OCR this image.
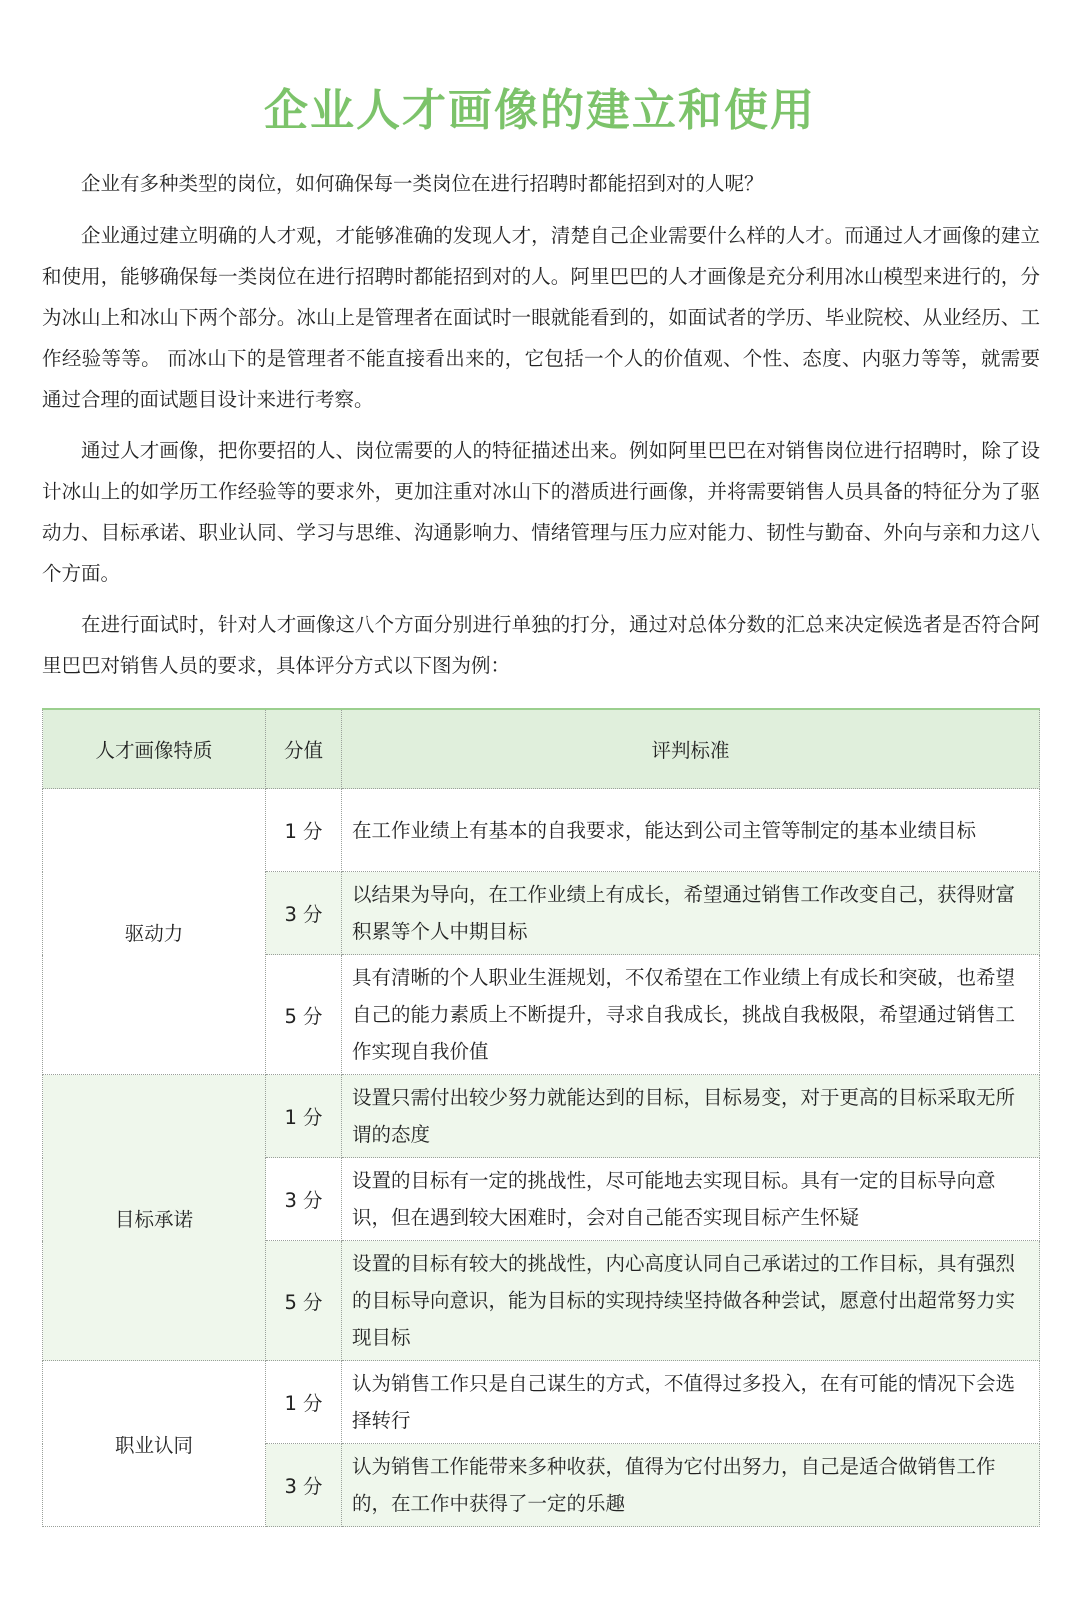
企业人才画像的建立和使用

企业有多种类型的岗位，如何确保每一类岗位在进行招聘时都能招到对的人呢？

企业通过建立明确的人才观，才能够准确的发现人才，清楚自己企业需要什么样的人才。而通过人才画像的建立和使用，能够确保每一类岗位在进行招聘时都能招到对的人。阿里巴巴的人才画像是充分利用冰山模型来进行的，分为冰山上和冰山下两个部分。冰山上是管理者在面试时一眼就能看到的，如面试者的学历、毕业院校、从业经历、工作经验等等。 而冰山下的是管理者不能直接看出来的，它包括一个人的价值观、个性、态度、内驱力等等，就需要通过合理的面试题目设计来进行考察。

通过人才画像，把你要招的人、岗位需要的人的特征描述出来。例如阿里巴巴在对销售岗位进行招聘时，除了设计冰山上的如学历工作经验等的要求外，更加注重对冰山下的潜质进行画像，并将需要销售人员具备的特征分为了驱动力、目标承诺、职业认同、学习与思维、沟通影响力、情绪管理与压力应对能力、韧性与勤奋、外向与亲和力这八个方面。

在进行面试时，针对人才画像这八个方面分别进行单独的打分，通过对总体分数的汇总来决定候选者是否符合阿里巴巴对销售人员的要求，具体评分方式以下图为例：

人才画像特质	分值	评判标准
驱动力	1 分	在工作业绩上有基本的自我要求，能达到公司主管等制定的基本业绩目标
	3 分	以结果为导向，在工作业绩上有成长，希望通过销售工作改变自己，获得财富积累等个人中期目标
	5 分	具有清晰的个人职业生涯规划，不仅希望在工作业绩上有成长和突破，也希望自己的能力素质上不断提升，寻求自我成长，挑战自我极限，希望通过销售工作实现自我价值
目标承诺	1 分	设置只需付出较少努力就能达到的目标，目标易变，对于更高的目标采取无所谓的态度
	3 分	设置的目标有一定的挑战性，尽可能地去实现目标。具有一定的目标导向意识，但在遇到较大困难时，会对自己能否实现目标产生怀疑
	5 分	设置的目标有较大的挑战性，内心高度认同自己承诺过的工作目标，具有强烈的目标导向意识，能为目标的实现持续坚持做各种尝试，愿意付出超常努力实现目标
职业认同	1 分	认为销售工作只是自己谋生的方式，不值得过多投入，在有可能的情况下会选择转行
	3 分	认为销售工作能带来多种收获，值得为它付出努力，自己是适合做销售工作的，在工作中获得了一定的乐趣
